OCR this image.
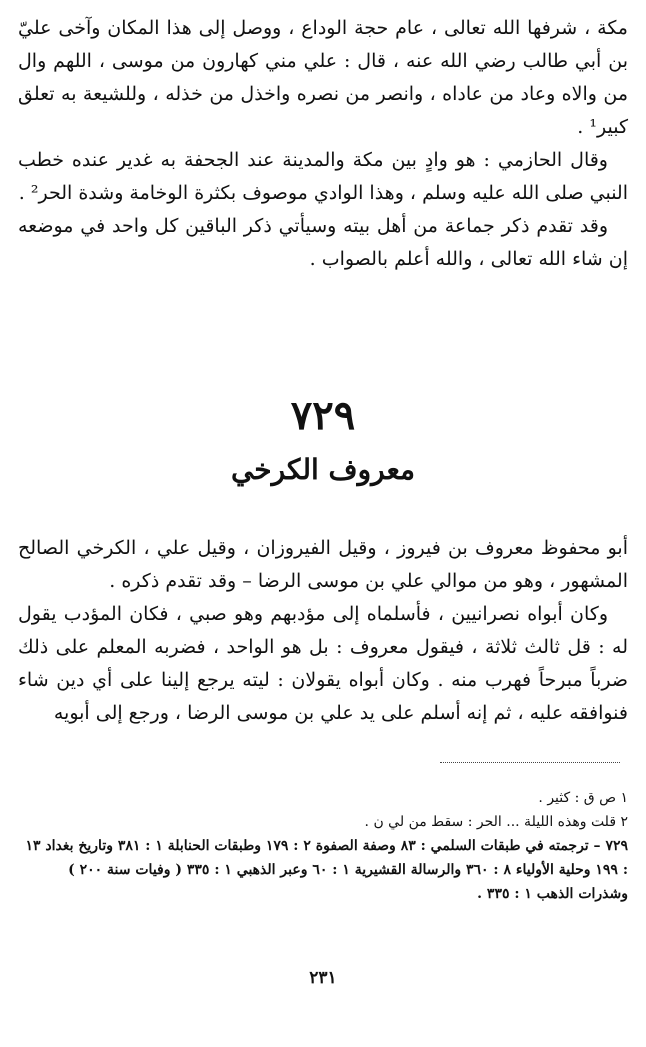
مكة ، شرفها الله تعالى ، عام حجة الوداع ، ووصل إلى هذا المكان وآخى عليّ بن أبي طالب رضي الله عنه ، قال : علي مني كهارون من موسى ، اللهم وال من والاه وعاد من عاداه ، وانصر من نصره واخذل من خذله ، وللشيعة به تعلق كبير¹ .

وقال الحازمي : هو وادٍ بين مكة والمدينة عند الجحفة به غدير عنده خطب النبي صلى الله عليه وسلم ، وهذا الوادي موصوف بكثرة الوخامة وشدة الحر² .

وقد تقدم ذكر جماعة من أهل بيته وسيأتي ذكر الباقين كل واحد في موضعه إن شاء الله تعالى ، والله أعلم بالصواب .

٧٢٩
معروف الكرخي

أبو محفوظ معروف بن فيروز ، وقيل الفيروزان ، وقيل علي ، الكرخي الصالح المشهور ، وهو من موالي علي بن موسى الرضا – وقد تقدم ذكره .

وكان أبواه نصرانيين ، فأسلماه إلى مؤدبهم وهو صبي ، فكان المؤدب يقول له : قل ثالث ثلاثة ، فيقول معروف : بل هو الواحد ، فضربه المعلم على ذلك ضرباً مبرحاً فهرب منه . وكان أبواه يقولان : ليته يرجع إلينا على أي دين شاء فنوافقه عليه ، ثم إنه أسلم على يد علي بن موسى الرضا ، ورجع إلى أبويه

١ ص ق : كثير .

٢ قلت وهذه الليلة ... الحر : سقط من لي ن .

٧٢٩ – ترجمته في طبقات السلمي : ٨٣ وصفة الصفوة ٢ : ١٧٩ وطبقات الحنابلة ١ : ٣٨١ وتاريخ بغداد ١٣ : ١٩٩ وحلية الأولياء ٨ : ٣٦٠ والرسالة القشيرية ١ : ٦٠ وعبر الذهبي ١ : ٣٣٥ ( وفيات سنة ٢٠٠ ) وشذرات الذهب ١ : ٣٣٥ .

٢٣١
